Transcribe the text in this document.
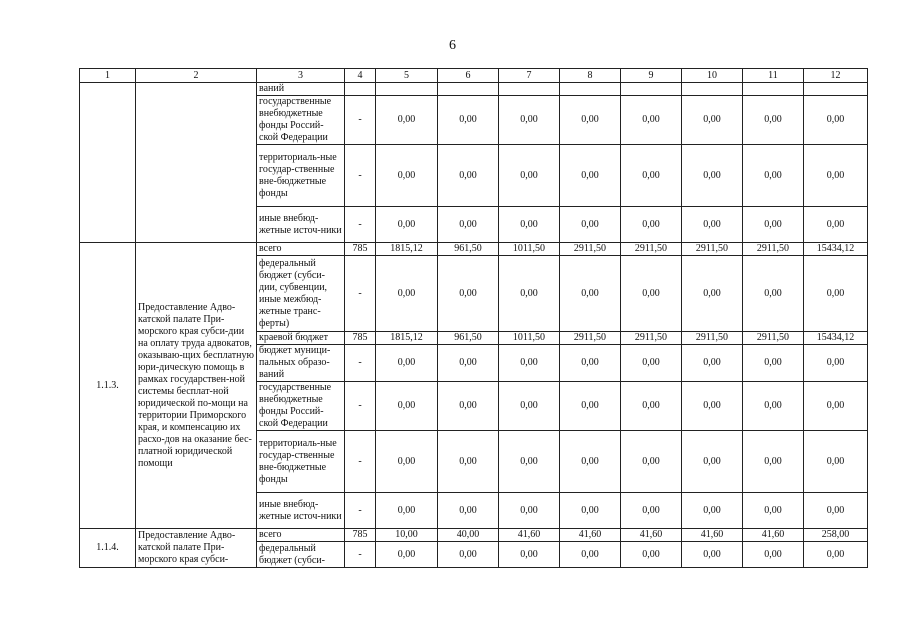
6
1	2	3	4	5	6	7	8	9	10	11	12
		ваний									
		государственные внебюджетные фонды Россий-ской Федерации	-	0,00	0,00	0,00	0,00	0,00	0,00	0,00	0,00
		территориаль-ные государ-ственные вне-бюджетные фонды	-	0,00	0,00	0,00	0,00	0,00	0,00	0,00	0,00
		иные внебюд-жетные источ-ники	-	0,00	0,00	0,00	0,00	0,00	0,00	0,00	0,00
1.1.3.	Предоставление Адво-катской палате При-морского края субси-дии на оплату труда адвокатов, оказываю-щих бесплатную юри-дическую помощь в рамках государствен-ной системы бесплат-ной юридической по-мощи на территории Приморского края, и компенсацию их расхо-дов на оказание бес-платной юридической помощи	всего	785	1815,12	961,50	1011,50	2911,50	2911,50	2911,50	2911,50	15434,12
		федеральный бюджет (субси-дии, субвенции, иные межбюд-жетные транс-ферты)	-	0,00	0,00	0,00	0,00	0,00	0,00	0,00	0,00
		краевой бюджет	785	1815,12	961,50	1011,50	2911,50	2911,50	2911,50	2911,50	15434,12
		бюджет муници-пальных образо-ваний	-	0,00	0,00	0,00	0,00	0,00	0,00	0,00	0,00
		государственные внебюджетные фонды Россий-ской Федерации	-	0,00	0,00	0,00	0,00	0,00	0,00	0,00	0,00
		территориаль-ные государ-ственные вне-бюджетные фонды	-	0,00	0,00	0,00	0,00	0,00	0,00	0,00	0,00
		иные внебюд-жетные источ-ники	-	0,00	0,00	0,00	0,00	0,00	0,00	0,00	0,00
1.1.4.	Предоставление Адво-катской палате При-морского края субси-	всего	785	10,00	40,00	41,60	41,60	41,60	41,60	41,60	258,00
		федеральный бюджет (субси-	-	0,00	0,00	0,00	0,00	0,00	0,00	0,00	0,00
